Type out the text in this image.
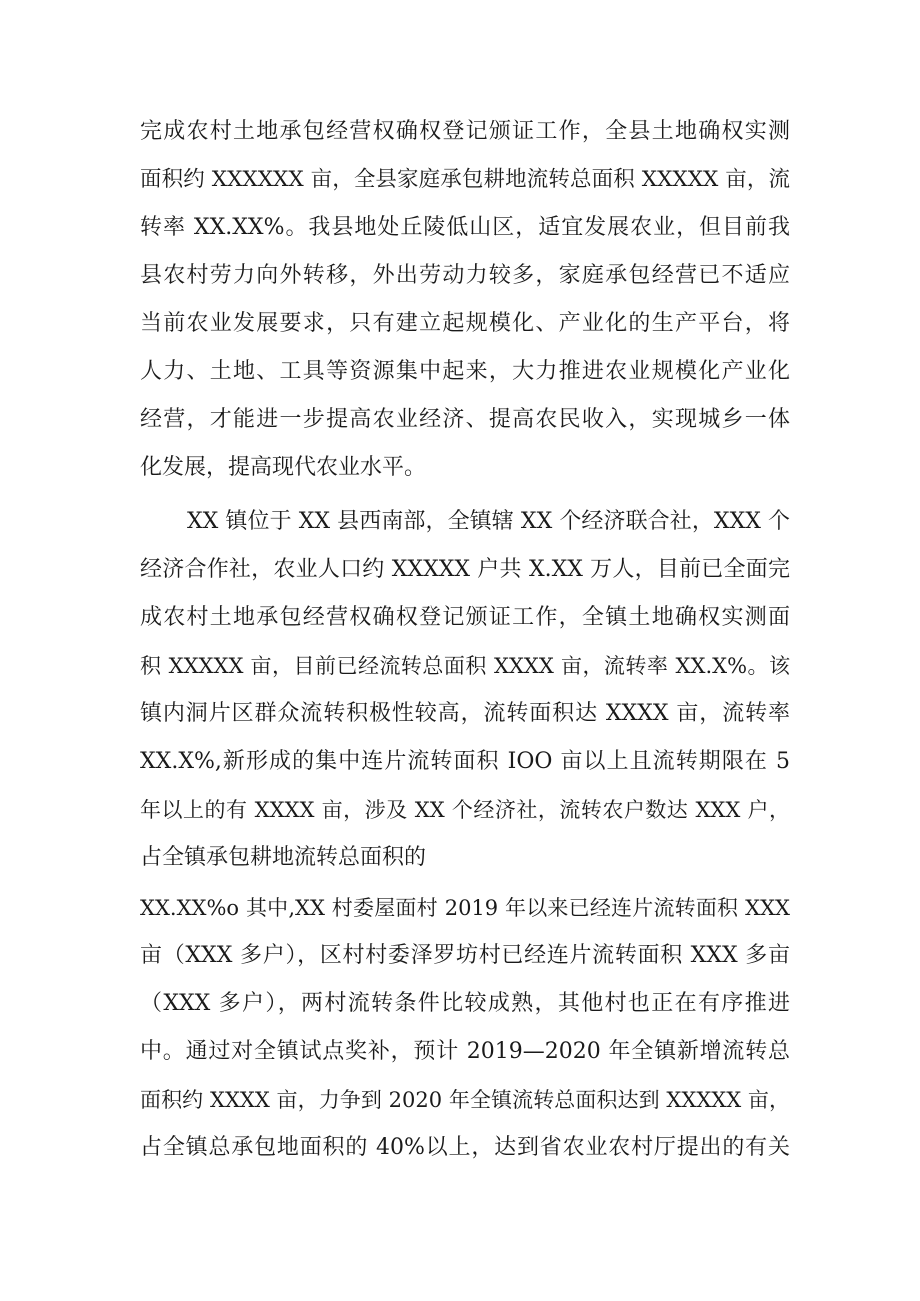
完成农村土地承包经营权确权登记颁证工作，全县土地确权实测
面积约 XXXXXX 亩，全县家庭承包耕地流转总面积 XXXXX 亩，流
转率 XX.XX%。我县地处丘陵低山区，适宜发展农业，但目前我
县农村劳力向外转移，外出劳动力较多，家庭承包经营已不适应
当前农业发展要求，只有建立起规模化、产业化的生产平台，将
人力、土地、工具等资源集中起来，大力推进农业规模化产业化
经营，才能进一步提高农业经济、提高农民收入，实现城乡一体
化发展，提高现代农业水平。
XX 镇位于 XX 县西南部，全镇辖 XX 个经济联合社，XXX 个
经济合作社，农业人口约 XXXXX 户共 X.XX 万人，目前已全面完
成农村土地承包经营权确权登记颁证工作，全镇土地确权实测面
积 XXXXX 亩，目前已经流转总面积 XXXX 亩，流转率 XX.X%。该
镇内洞片区群众流转积极性较高，流转面积达 XXXX 亩，流转率
XX.X%,新形成的集中连片流转面积 IOO 亩以上且流转期限在 5
年以上的有 XXXX 亩，涉及 XX 个经济社，流转农户数达 XXX 户，
占全镇承包耕地流转总面积的
XX.XX%o 其中,XX 村委屋面村 2019 年以来已经连片流转面积 XXX
亩（XXX 多户），区村村委泽罗坊村已经连片流转面积 XXX 多亩
（XXX 多户），两村流转条件比较成熟，其他村也正在有序推进
中。通过对全镇试点奖补，预计 2019—2020 年全镇新增流转总
面积约 XXXX 亩，力争到 2020 年全镇流转总面积达到 XXXXX 亩，
占全镇总承包地面积的 40%以上，达到省农业农村厅提出的有关
